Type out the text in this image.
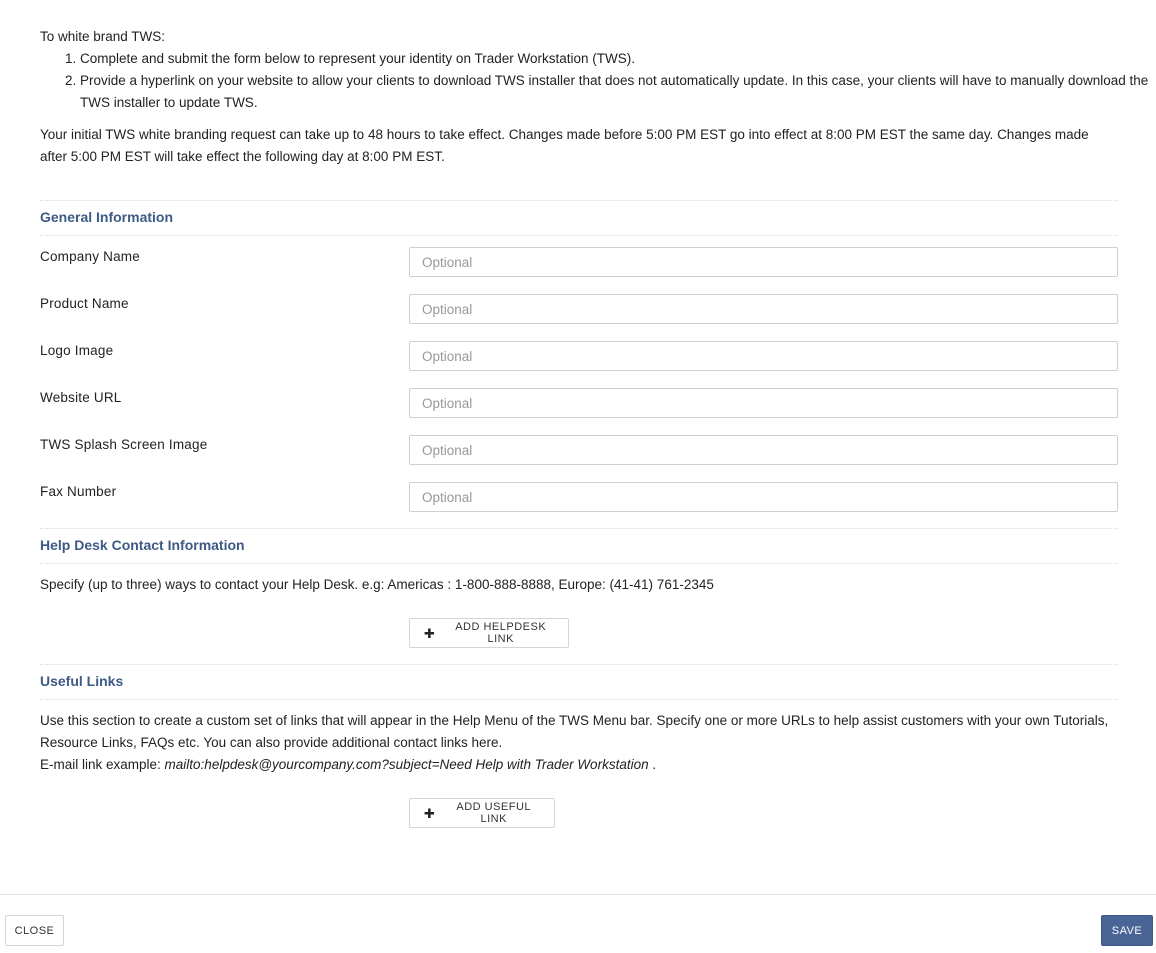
To white brand TWS:
1. Complete and submit the form below to represent your identity on Trader Workstation (TWS).
2. Provide a hyperlink on your website to allow your clients to download TWS installer that does not automatically update. In this case, your clients will have to manually download the TWS installer to update TWS.
Your initial TWS white branding request can take up to 48 hours to take effect. Changes made before 5:00 PM EST go into effect at 8:00 PM EST the same day. Changes made after 5:00 PM EST will take effect the following day at 8:00 PM EST.
General Information
Company Name
Optional
Product Name
Optional
Logo Image
Optional
Website URL
Optional
TWS Splash Screen Image
Optional
Fax Number
Optional
Help Desk Contact Information
Specify (up to three) ways to contact your Help Desk. e.g: Americas : 1-800-888-8888, Europe: (41-41) 761-2345
✚	ADD HELPDESK LINK
Useful Links
Use this section to create a custom set of links that will appear in the Help Menu of the TWS Menu bar. Specify one or more URLs to help assist customers with your own Tutorials, Resource Links, FAQs etc. You can also provide additional contact links here.
E-mail link example: mailto:helpdesk@yourcompany.com?subject=Need Help with Trader Workstation .
✚	ADD USEFUL LINK
CLOSE	SAVE
